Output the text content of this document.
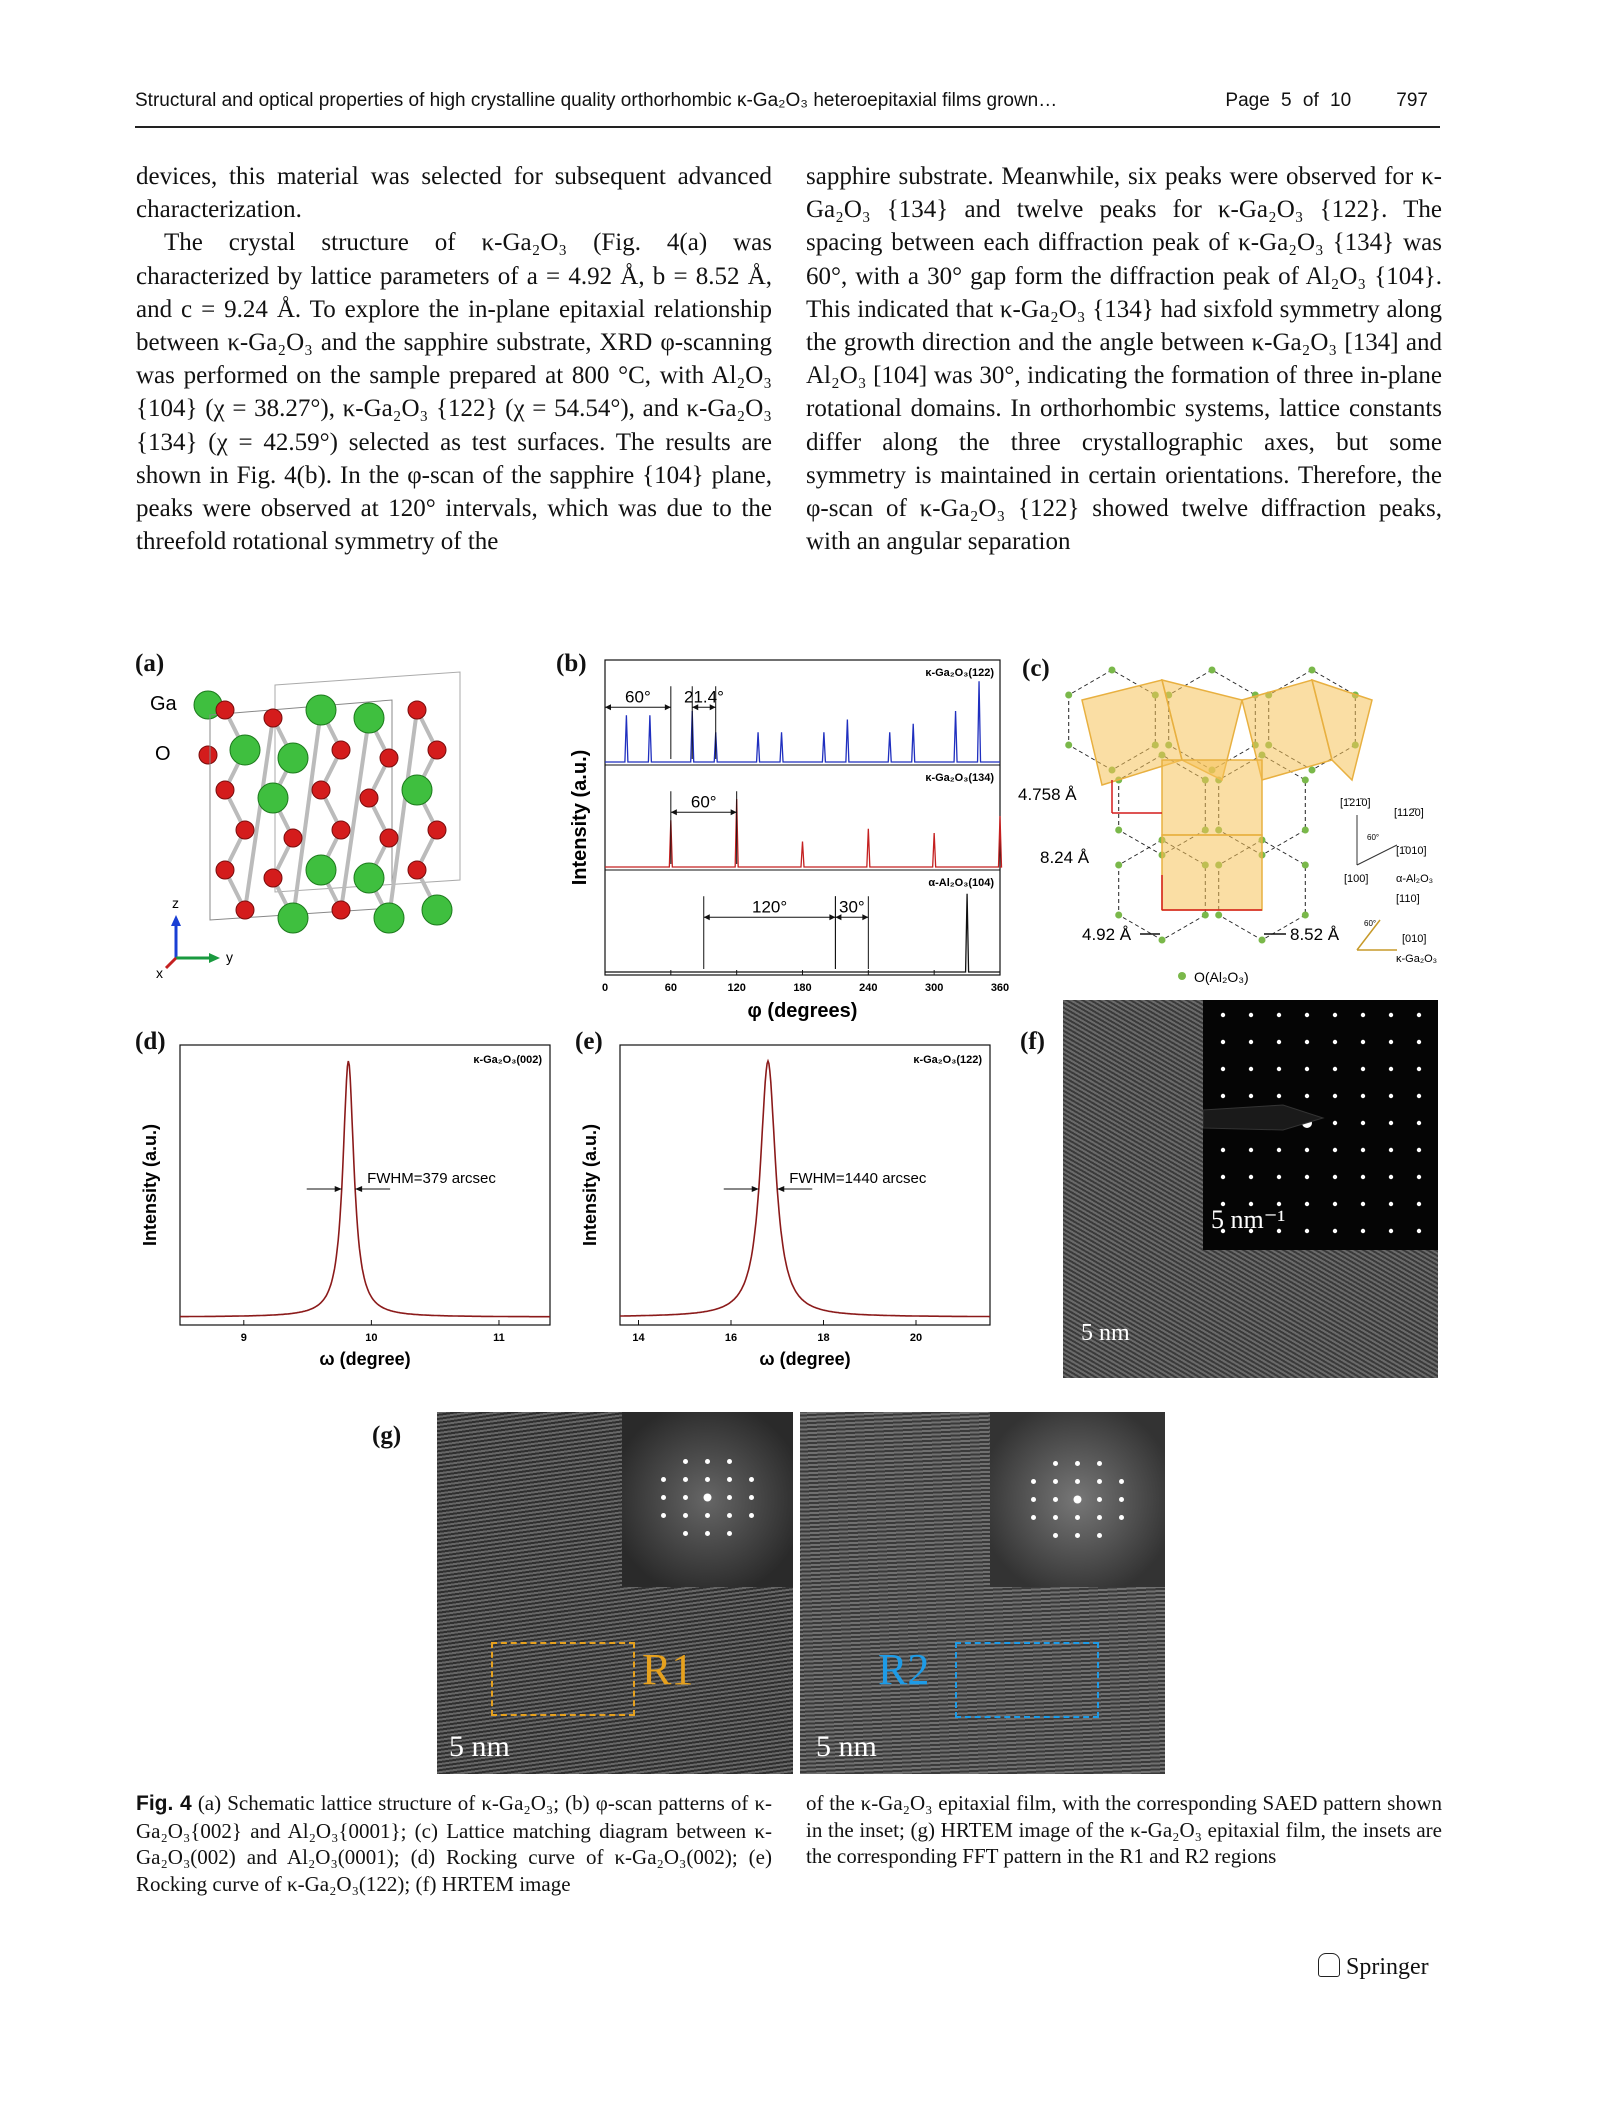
Structural and optical properties of high crystalline quality orthorhombic κ-Ga₂O₃ heteroepitaxial films grown…	Page 5 of 10 797

devices, this material was selected for subsequent advanced characterization.

The crystal structure of κ-Ga₂O₃ (Fig. 4(a) was characterized by lattice parameters of a = 4.92 Å, b = 8.52 Å, and c = 9.24 Å. To explore the in-plane epitaxial relationship between κ-Ga₂O₃ and the sapphire substrate, XRD φ-scanning was performed on the sample prepared at 800 °C, with Al₂O₃ {104} (χ = 38.27°), κ-Ga₂O₃ {122} (χ = 54.54°), and κ-Ga₂O₃ {134} (χ = 42.59°) selected as test surfaces. The results are shown in Fig. 4(b). In the φ-scan of the sapphire {104} plane, peaks were observed at 120° intervals, which was due to the threefold rotational symmetry of the

sapphire substrate. Meanwhile, six peaks were observed for κ-Ga₂O₃ {134} and twelve peaks for κ-Ga₂O₃ {122}. The spacing between each diffraction peak of κ-Ga₂O₃ {134} was 60°, with a 30° gap form the diffraction peak of Al₂O₃ {104}. This indicated that κ-Ga₂O₃ {134} had sixfold symmetry along the growth direction and the angle between κ-Ga₂O₃ [134] and Al₂O₃ [104] was 30°, indicating the formation of three in-plane rotational domains. In orthorhombic systems, lattice constants differ along the three crystallographic axes, but some symmetry is maintained in certain orientations. Therefore, the φ-scan of κ-Ga₂O₃ {122} showed twelve diffraction peaks, with an angular separation

(a)	(b)	(c)
(d)	(e)	(f)
(g)
Ga
O
z
y
x
κ-Ga₂O₃(122)
κ-Ga₂O₃(134)
α-Al₂O₃(104)
60° 21.4°
60°
120°	30°
0	60	120	180	240	300	360
φ (degrees)
Intensity (a.u.)	4.758 Å
8.24 Å
4.92 Å	8.52 Å
O(Al₂O₃)
[1̄21̄0]
[112̄0]
[1̄010]
[100]	α-Al₂O₃
[110]
[010]
κ-Ga₂O₃
60°
60°
FWHM=379 arcsec
κ-Ga₂O₃(002)
9	10	11
ω (degree)
Intensity (a.u.)	FWHM=1440 arcsec
κ-Ga₂O₃(122)
14	16	18	20
ω (degree)
Intensity (a.u.)	5 nm⁻¹
5 nm
R1
5 nm
R2
5 nm
Fig. 4 (a) Schematic lattice structure of κ-Ga₂O₃; (b) φ-scan patterns of κ-Ga₂O₃{002} and Al₂O₃{0001}; (c) Lattice matching diagram between κ-Ga₂O₃(002) and Al₂O₃(0001); (d) Rocking curve of κ-Ga₂O₃(002); (e) Rocking curve of κ-Ga₂O₃(122); (f) HRTEM image
of the κ-Ga₂O₃ epitaxial film, with the corresponding SAED pattern shown in the inset; (g) HRTEM image of the κ-Ga₂O₃ epitaxial film, the insets are the corresponding FFT pattern in the R1 and R2 regions
Springer
